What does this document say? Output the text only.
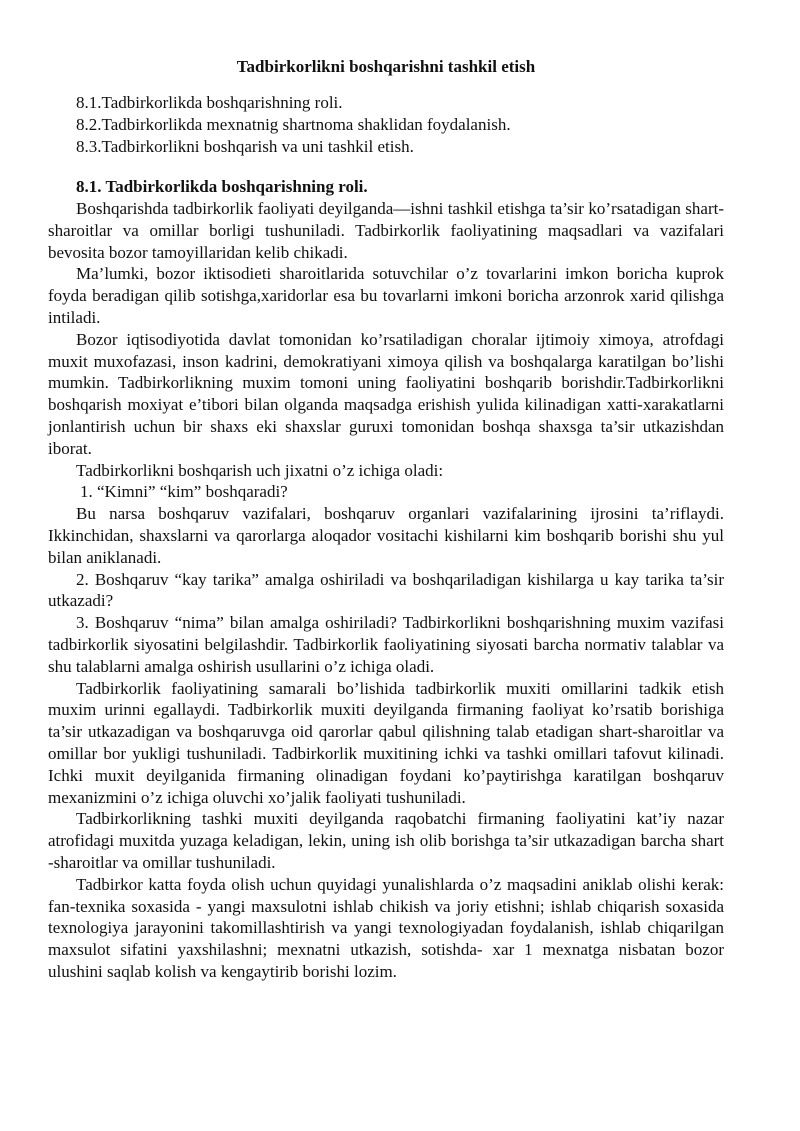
Tadbirkorlikni boshqarishni tashkil etish
8.1.Tadbirkorlikda boshqarishning roli.
8.2.Tadbirkorlikda mexnatnig shartnoma shaklidan foydalanish.
8.3.Tadbirkorlikni boshqarish va uni tashkil etish.
8.1. Tadbirkorlikda boshqarishning roli.

Boshqarishda tadbirkorlik faoliyati deyilganda—ishni tashkil etishga ta’sir ko’rsatadigan shart-sharoitlar va omillar borligi tushuniladi. Tadbirkorlik faoliyatining maqsadlari va vazifalari bevosita bozor tamoyillaridan kelib chikadi.

Ma’lumki, bozor iktisodieti sharoitlarida sotuvchilar o’z tovarlarini imkon boricha kuprok foyda beradigan qilib sotishga,xaridorlar esa bu tovarlarni imkoni boricha arzonrok xarid qilishga intiladi.

Bozor iqtisodiyotida davlat tomonidan ko’rsatiladigan choralar ijtimoiy ximoya, atrofdagi muxit muxofazasi, inson kadrini, demokratiyani ximoya qilish va boshqalarga karatilgan bo’lishi mumkin. Tadbirkorlikning muxim tomoni uning faoliyatini boshqarib borishdir.Tadbirkorlikni boshqarish moxiyat e’tibori bilan olganda maqsadga erishish yulida kilinadigan xatti-xarakatlarni jonlantirish uchun bir shaxs eki shaxslar guruxi tomonidan boshqa shaxsga ta’sir utkazishdan iborat.

Tadbirkorlikni boshqarish uch jixatni o’z ichiga oladi:

1. “Kimni” “kim” boshqaradi?

Bu narsa boshqaruv vazifalari, boshqaruv organlari vazifalarining ijrosini ta’riflaydi. Ikkinchidan, shaxslarni va qarorlarga aloqador vositachi kishilarni kim boshqarib borishi shu yul bilan aniklanadi.

2. Boshqaruv “kay tarika” amalga oshiriladi va boshqariladigan kishilarga u kay tarika ta’sir utkazadi?

3. Boshqaruv “nima” bilan amalga oshiriladi? Tadbirkorlikni boshqarishning muxim vazifasi tadbirkorlik siyosatini belgilashdir. Tadbirkorlik faoliyatining siyosati barcha normativ talablar va shu talablarni amalga oshirish usullarini o’z ichiga oladi.

Tadbirkorlik faoliyatining samarali bo’lishida tadbirkorlik muxiti omillarini tadkik etish muxim urinni egallaydi. Tadbirkorlik muxiti deyilganda firmaning faoliyat ko’rsatib borishiga ta’sir utkazadigan va boshqaruvga oid qarorlar qabul qilishning talab etadigan shart-sharoitlar va omillar bor yukligi tushuniladi. Tadbirkorlik muxitining ichki va tashki omillari tafovut kilinadi. Ichki muxit deyilganida firmaning olinadigan foydani ko’paytirishga karatilgan boshqaruv mexanizmini o’z ichiga oluvchi xo’jalik faoliyati tushuniladi.

Tadbirkorlikning tashki muxiti deyilganda raqobatchi firmaning faoliyatini kat’iy nazar atrofidagi muxitda yuzaga keladigan, lekin, uning ish olib borishga ta’sir utkazadigan barcha shart -sharoitlar va omillar tushuniladi.

Tadbirkor katta foyda olish uchun quyidagi yunalishlarda o’z maqsadini aniklab olishi kerak: fan-texnika soxasida - yangi maxsulotni ishlab chikish va joriy etishni; ishlab chiqarish soxasida texnologiya jarayonini takomillashtirish va yangi texnologiyadan foydalanish, ishlab chiqarilgan maxsulot sifatini yaxshilashni; mexnatni utkazish, sotishda- xar 1 mexnatga nisbatan bozor ulushini saqlab kolish va kengaytirib borishi lozim.
